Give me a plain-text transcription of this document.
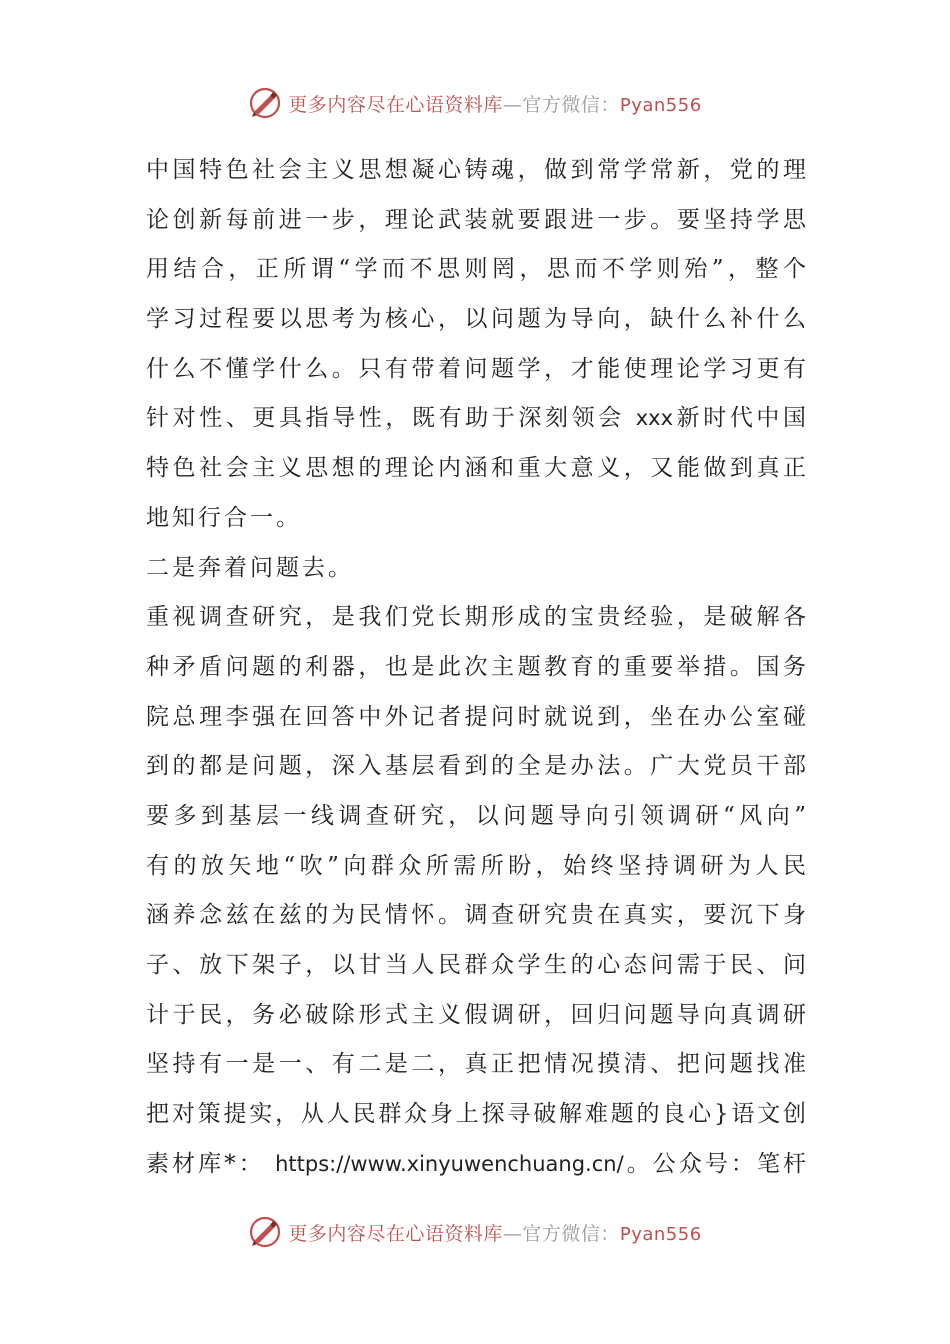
更多内容尽在心语资料库—官方微信：Pyan556
中国特色社会主义思想凝心铸魂，做到常学常新，党的理
论创新每前进一步，理论武装就要跟进一步。要坚持学思
用结合，正所谓“学而不思则罔，思而不学则殆”，整个
学习过程要以思考为核心，以问题为导向，缺什么补什么
什么不懂学什么。只有带着问题学，才能使理论学习更有
针对性、更具指导性，既有助于深刻领会 xxx新时代中国
特色社会主义思想的理论内涵和重大意义，又能做到真正
地知行合一。
二是奔着问题去。
重视调查研究，是我们党长期形成的宝贵经验，是破解各
种矛盾问题的利器，也是此次主题教育的重要举措。国务
院总理李强在回答中外记者提问时就说到，坐在办公室碰
到的都是问题，深入基层看到的全是办法。广大党员干部
要多到基层一线调查研究，以问题导向引领调研“风向”
有的放矢地“吹”向群众所需所盼，始终坚持调研为人民
涵养念兹在兹的为民情怀。调查研究贵在真实，要沉下身
子、放下架子，以甘当人民群众学生的心态问需于民、问
计于民，务必破除形式主义假调研，回归问题导向真调研
坚持有一是一、有二是二，真正把情况摸清、把问题找准
把对策提实，从人民群众身上探寻破解难题的良心}语文创
素材库*： https://www.xinyuwenchuang.cn/。公众号：笔杆
更多内容尽在心语资料库—官方微信：Pyan556
